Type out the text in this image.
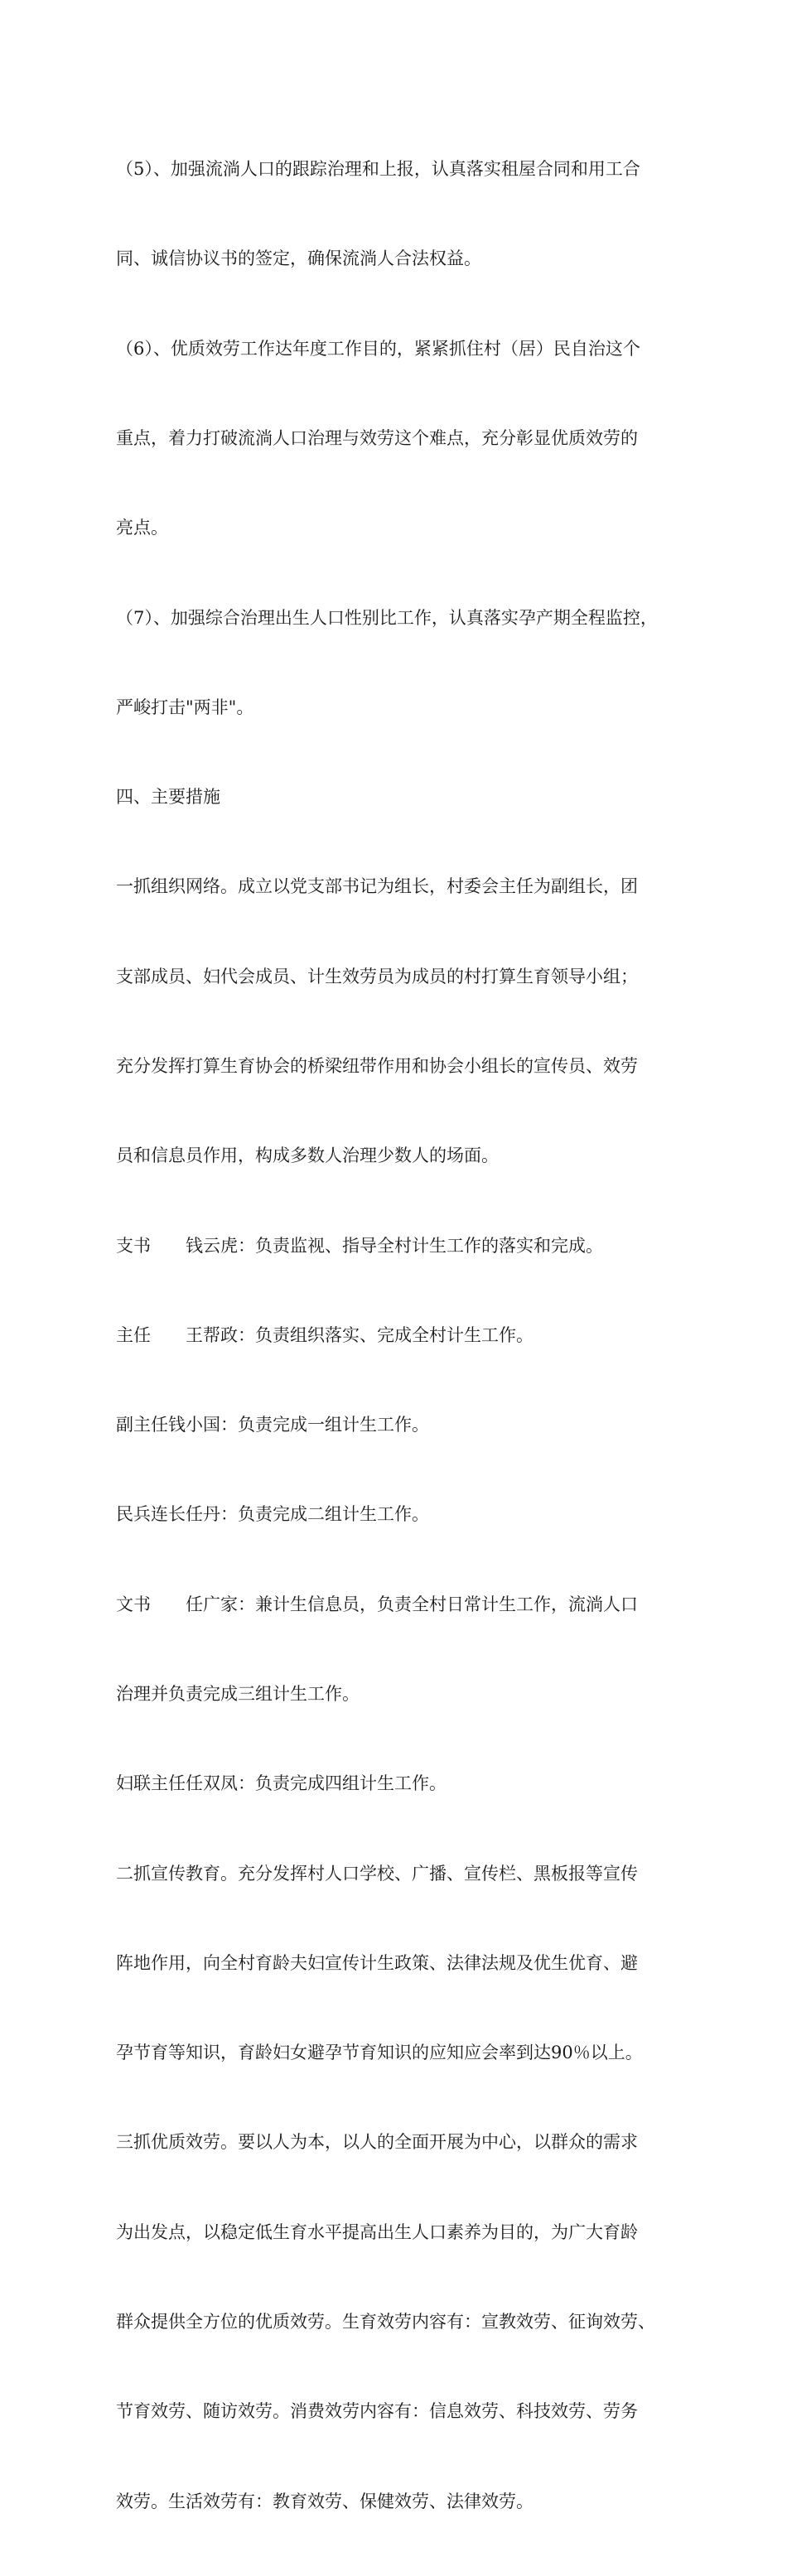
（5）、加强流淌人口的跟踪治理和上报，认真落实租屋合同和用工合

同、诚信协议书的签定，确保流淌人合法权益。

（6）、优质效劳工作达年度工作目的，紧紧抓住村（居）民自治这个

重点，着力打破流淌人口治理与效劳这个难点，充分彰显优质效劳的

亮点。

（7）、加强综合治理出生人口性别比工作，认真落实孕产期全程监控，

严峻打击"两非"。

四、主要措施

一抓组织网络。成立以党支部书记为组长，村委会主任为副组长，团

支部成员、妇代会成员、计生效劳员为成员的村打算生育领导小组；

充分发挥打算生育协会的桥梁纽带作用和协会小组长的宣传员、效劳

员和信息员作用，构成多数人治理少数人的场面。

支书　　钱云虎：负责监视、指导全村计生工作的落实和完成。

主任　　王帮政：负责组织落实、完成全村计生工作。

副主任钱小国：负责完成一组计生工作。

民兵连长任丹：负责完成二组计生工作。

文书　　任广家：兼计生信息员，负责全村日常计生工作，流淌人口

治理并负责完成三组计生工作。

妇联主任任双凤：负责完成四组计生工作。

二抓宣传教育。充分发挥村人口学校、广播、宣传栏、黑板报等宣传

阵地作用，向全村育龄夫妇宣传计生政策、法律法规及优生优育、避

孕节育等知识，育龄妇女避孕节育知识的应知应会率到达90％以上。

三抓优质效劳。要以人为本，以人的全面开展为中心，以群众的需求

为出发点，以稳定低生育水平提高出生人口素养为目的，为广大育龄

群众提供全方位的优质效劳。生育效劳内容有：宣教效劳、征询效劳、

节育效劳、随访效劳。消费效劳内容有：信息效劳、科技效劳、劳务

效劳。生活效劳有：教育效劳、保健效劳、法律效劳。
